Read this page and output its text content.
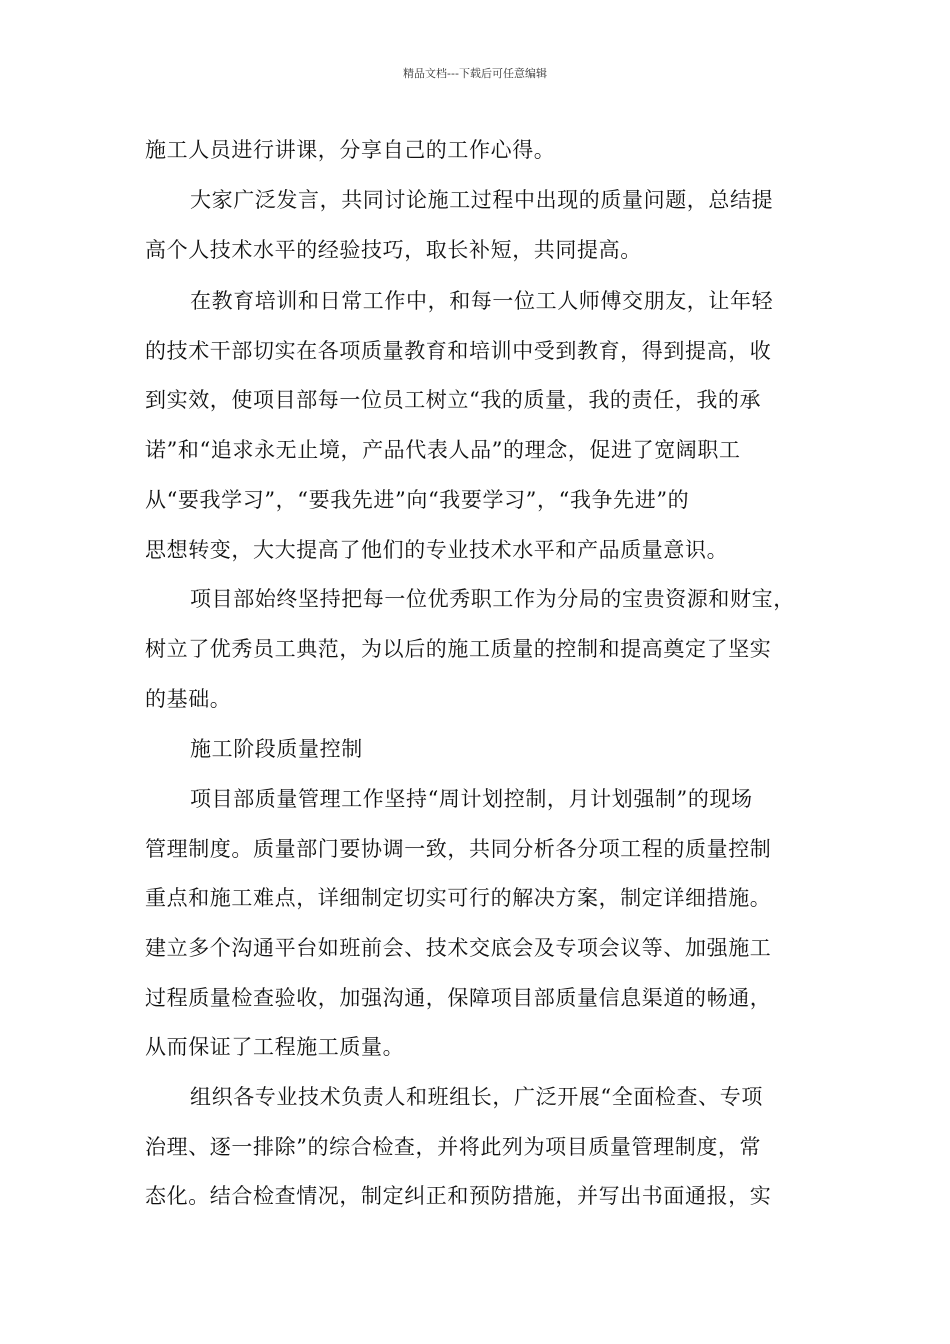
精品文档---下载后可任意编辑
施工人员进行讲课，分享自己的工作心得。
大家广泛发言，共同讨论施工过程中出现的质量问题，总结提
高个人技术水平的经验技巧，取长补短，共同提高。
在教育培训和日常工作中，和每一位工人师傅交朋友，让年轻
的技术干部切实在各项质量教育和培训中受到教育，得到提高，收
到实效，使项目部每一位员工树立“我的质量，我的责任，我的承
诺”和“追求永无止境，产品代表人品”的理念，促进了宽阔职工
从“要我学习”，“要我先进”向“我要学习”，“我争先进”的
思想转变，大大提高了他们的专业技术水平和产品质量意识。
项目部始终坚持把每一位优秀职工作为分局的宝贵资源和财宝，
树立了优秀员工典范，为以后的施工质量的控制和提高奠定了坚实
的基础。
施工阶段质量控制
项目部质量管理工作坚持“周计划控制，月计划强制”的现场
管理制度。质量部门要协调一致，共同分析各分项工程的质量控制
重点和施工难点，详细制定切实可行的解决方案，制定详细措施。
建立多个沟通平台如班前会、技术交底会及专项会议等、加强施工
过程质量检查验收，加强沟通，保障项目部质量信息渠道的畅通，
从而保证了工程施工质量。
组织各专业技术负责人和班组长，广泛开展“全面检查、专项
治理、逐一排除”的综合检查，并将此列为项目质量管理制度，常
态化。结合检查情况，制定纠正和预防措施，并写出书面通报，实
